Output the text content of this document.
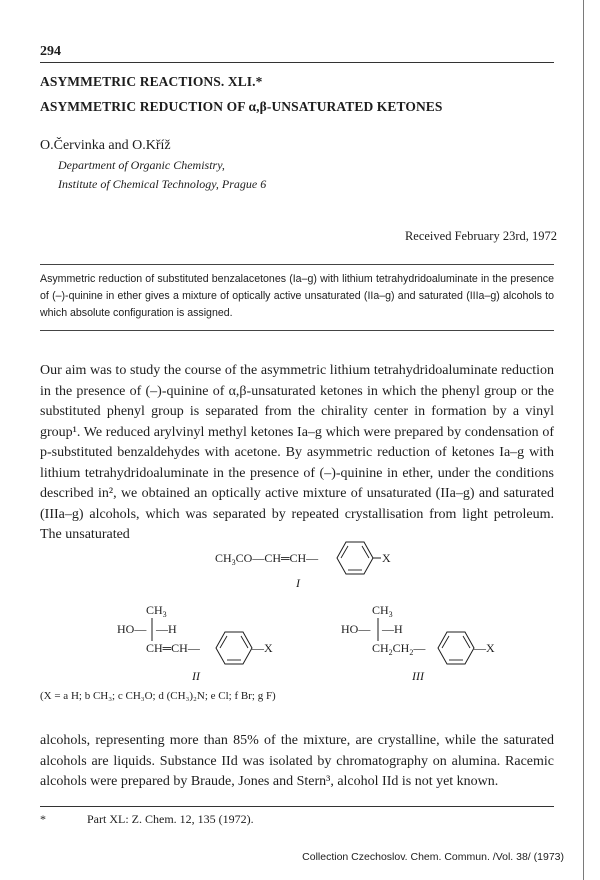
294
ASYMMETRIC REACTIONS. XLI.*
ASYMMETRIC REDUCTION OF α,β-UNSATURATED KETONES
O.Červinka and O.Kříž
Department of Organic Chemistry,
Institute of Chemical Technology, Prague 6
Received February 23rd, 1972
Asymmetric reduction of substituted benzalacetones (Ia–g) with lithium tetrahydridoaluminate in the presence of (–)-quinine in ether gives a mixture of optically active unsaturated (IIa–g) and saturated (IIIa–g) alcohols to which absolute configuration is assigned.
Our aim was to study the course of the asymmetric lithium tetrahydridoaluminate reduction in the presence of (–)-quinine of α,β-unsaturated ketones in which the phenyl group or the substituted phenyl group is separated from the chirality center in formation by a vinyl group¹. We reduced arylvinyl methyl ketones Ia–g which were prepared by condensation of p-substituted benzaldehydes with acetone. By asymmetric reduction of ketones Ia–g with lithium tetrahydridoaluminate in the presence of (–)-quinine in ether, under the conditions described in², we obtained an optically active mixture of unsaturated (IIa–g) and saturated (IIIa–g) alcohols, which was separated by repeated crystallisation from light petroleum. The unsaturated
$CH_3CO—CH═CH—$	X
I
$CH_3$
HO— —H
CH═CH—	—X
II
$CH_3$
HO— —H
$CH_2CH_2—$	—X
III
(X = a H; b CH₃; c CH₃O; d (CH₃)₂N; e Cl; f Br; g F)
alcohols, representing more than 85% of the mixture, are crystalline, while the saturated alcohols are liquids. Substance IId was isolated by chromatography on alumina. Racemic alcohols were prepared by Braude, Jones and Stern³, alcohol IId is not yet known.
*	Part XL: Z. Chem. 12, 135 (1972).
Collection Czechoslov. Chem. Commun. /Vol. 38/ (1973)
